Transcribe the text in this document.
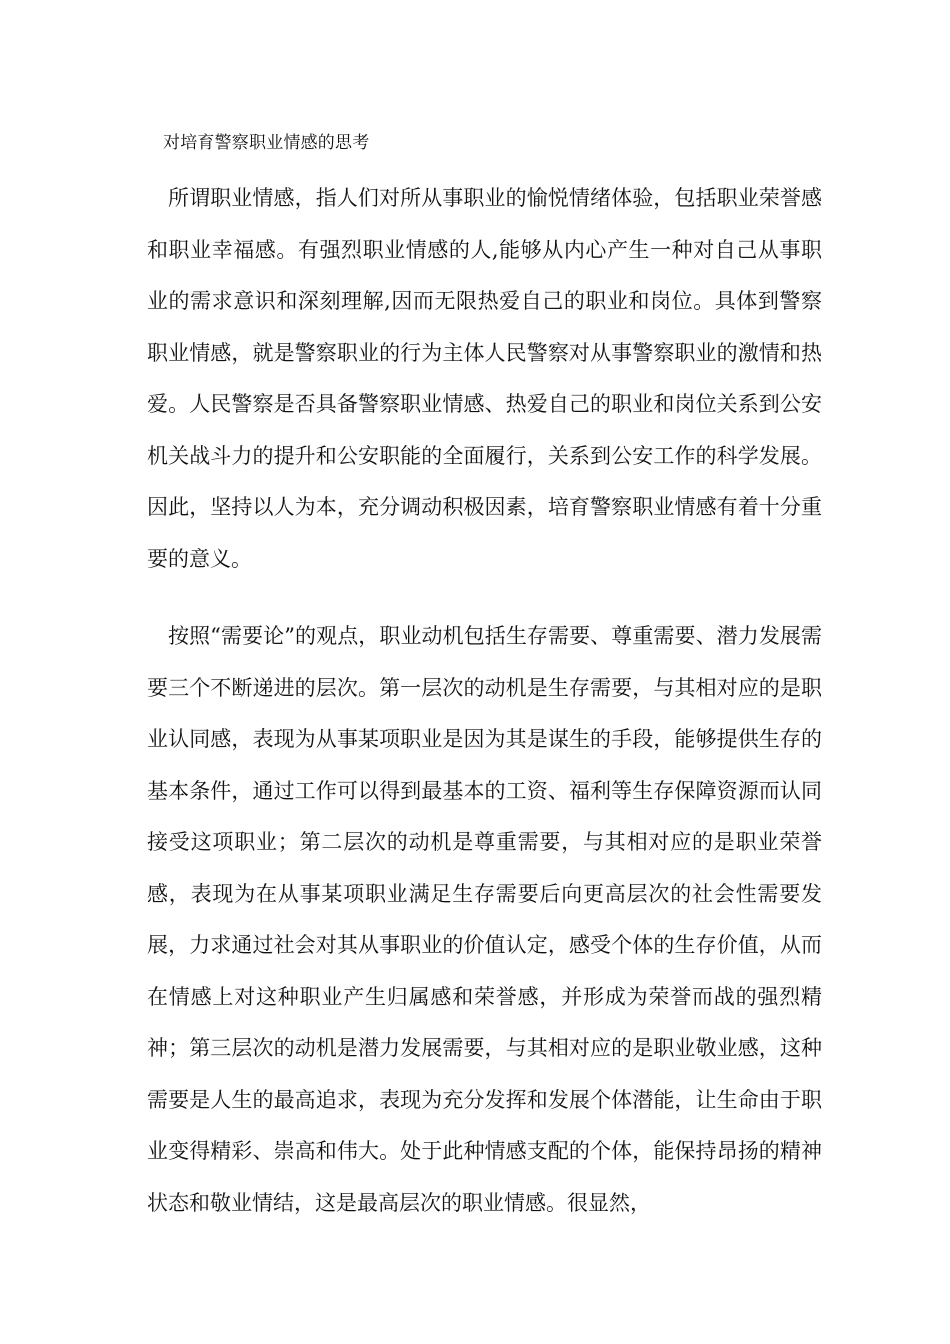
对培育警察职业情感的思考

所谓职业情感，指人们对所从事职业的愉悦情绪体验，包括职业荣誉感和职业幸福感。有强烈职业情感的人,能够从内心产生一种对自己从事职业的需求意识和深刻理解,因而无限热爱自己的职业和岗位。具体到警察职业情感，就是警察职业的行为主体人民警察对从事警察职业的激情和热爱。人民警察是否具备警察职业情感、热爱自己的职业和岗位关系到公安机关战斗力的提升和公安职能的全面履行，关系到公安工作的科学发展。因此，坚持以人为本，充分调动积极因素，培育警察职业情感有着十分重要的意义。

按照“需要论”的观点，职业动机包括生存需要、尊重需要、潜力发展需要三个不断递进的层次。第一层次的动机是生存需要，与其相对应的是职业认同感，表现为从事某项职业是因为其是谋生的手段，能够提供生存的基本条件，通过工作可以得到最基本的工资、福利等生存保障资源而认同接受这项职业；第二层次的动机是尊重需要，与其相对应的是职业荣誉感，表现为在从事某项职业满足生存需要后向更高层次的社会性需要发展，力求通过社会对其从事职业的价值认定，感受个体的生存价值，从而在情感上对这种职业产生归属感和荣誉感，并形成为荣誉而战的强烈精神；第三层次的动机是潜力发展需要，与其相对应的是职业敬业感，这种需要是人生的最高追求，表现为充分发挥和发展个体潜能，让生命由于职业变得精彩、崇高和伟大。处于此种情感支配的个体，能保持昂扬的精神状态和敬业情结，这是最高层次的职业情感。很显然，
